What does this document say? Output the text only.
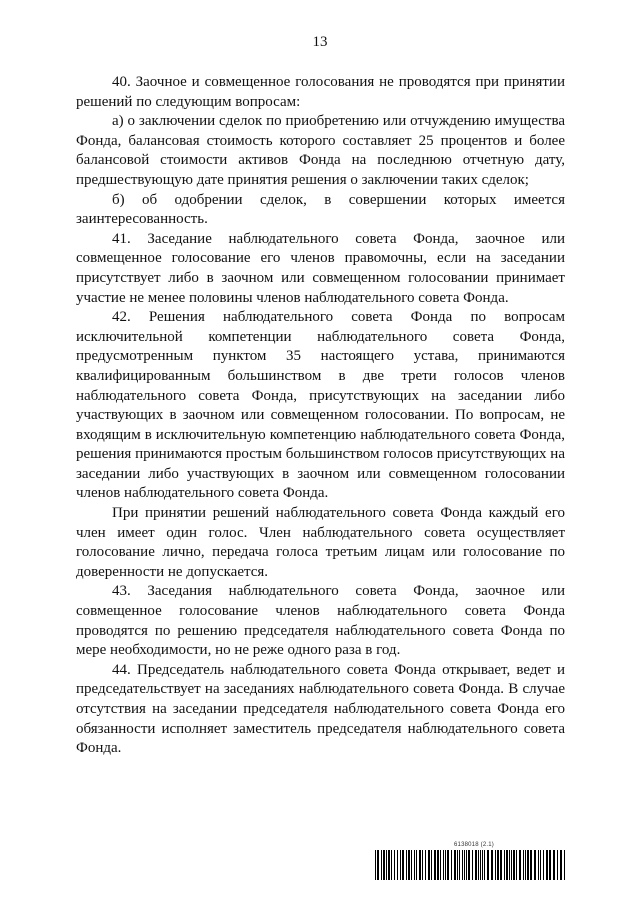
13

40. Заочное и совмещенное голосования не проводятся при принятии решений по следующим вопросам:

а) о заключении сделок по приобретению или отчуждению имущества Фонда, балансовая стоимость которого составляет 25 процентов и более балансовой стоимости активов Фонда на последнюю отчетную дату, предшествующую дате принятия решения о заключении таких сделок;

б) об одобрении сделок, в совершении которых имеется заинтересованность.

41. Заседание наблюдательного совета Фонда, заочное или совмещенное голосование его членов правомочны, если на заседании присутствует либо в заочном или совмещенном голосовании принимает участие не менее половины членов наблюдательного совета Фонда.

42. Решения наблюдательного совета Фонда по вопросам исключительной компетенции наблюдательного совета Фонда, предусмотренным пунктом 35 настоящего устава, принимаются квалифицированным большинством в две трети голосов членов наблюдательного совета Фонда, присутствующих на заседании либо участвующих в заочном или совмещенном голосовании. По вопросам, не входящим в исключительную компетенцию наблюдательного совета Фонда, решения принимаются простым большинством голосов присутствующих на заседании либо участвующих в заочном или совмещенном голосовании членов наблюдательного совета Фонда.

При принятии решений наблюдательного совета Фонда каждый его член имеет один голос. Член наблюдательного совета осуществляет голосование лично, передача голоса третьим лицам или голосование по доверенности не допускается.

43. Заседания наблюдательного совета Фонда, заочное или совмещенное голосование членов наблюдательного совета Фонда проводятся по решению председателя наблюдательного совета Фонда по мере необходимости, но не реже одного раза в год.

44. Председатель наблюдательного совета Фонда открывает, ведет и председательствует на заседаниях наблюдательного совета Фонда. В случае отсутствия на заседании председателя наблюдательного совета Фонда его обязанности исполняет заместитель председателя наблюдательного совета Фонда.

6138018 (2.1)
